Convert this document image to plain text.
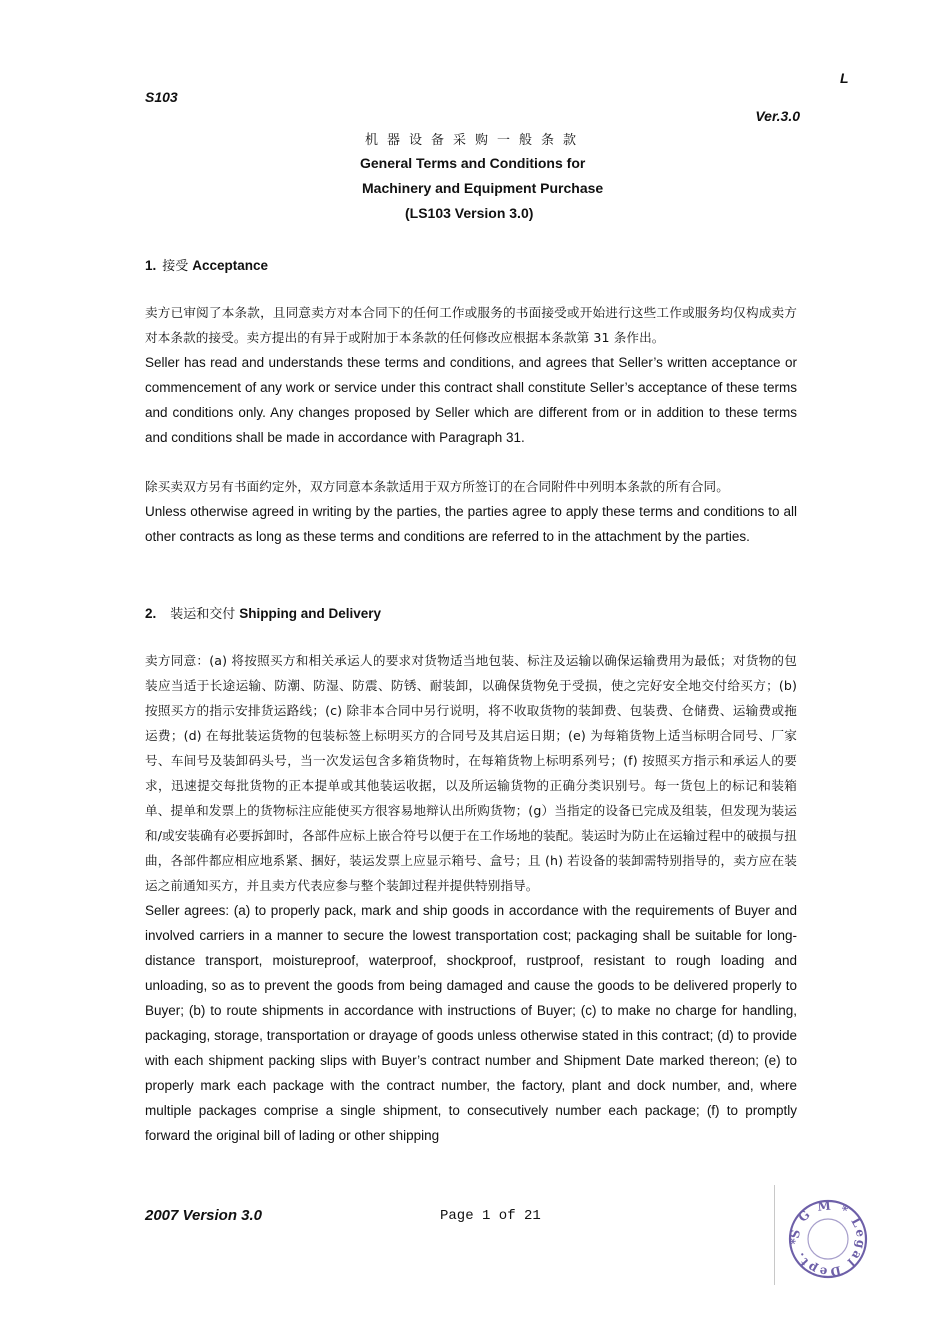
L
S103
Ver.3.0
机器设备采购一般条款
General Terms and Conditions for
Machinery and Equipment Purchase
(LS103 Version 3.0)
1. 接受 Acceptance
卖方已审阅了本条款，且同意卖方对本合同下的任何工作或服务的书面接受或开始进行这些工作或服务均仅构成卖方对本条款的接受。卖方提出的有异于或附加于本条款的任何修改应根据本条款第 31 条作出。
Seller has read and understands these terms and conditions, and agrees that Seller’s written acceptance or commencement of any work or service under this contract shall constitute Seller’s acceptance of these terms and conditions only. Any changes proposed by Seller which are different from or in addition to these terms and conditions shall be made in accordance with Paragraph 31.
除买卖双方另有书面约定外，双方同意本条款适用于双方所签订的在合同附件中列明本条款的所有合同。
Unless otherwise agreed in writing by the parties, the parties agree to apply these terms and conditions to all other contracts as long as these terms and conditions are referred to in the attachment by the parties.
2. 装运和交付 Shipping and Delivery
卖方同意：(a) 将按照买方和相关承运人的要求对货物适当地包装、标注及运输以确保运输费用为最低；对货物的包装应当适于长途运输、防潮、防湿、防震、防锈、耐装卸，以确保货物免于受损，使之完好安全地交付给买方；(b) 按照买方的指示安排货运路线；(c) 除非本合同中另行说明，将不收取货物的装卸费、包装费、仓储费、运输费或拖运费；(d) 在每批装运货物的包装标签上标明买方的合同号及其启运日期；(e) 为每箱货物上适当标明合同号、厂家号、车间号及装卸码头号，当一次发运包含多箱货物时，在每箱货物上标明系列号；(f) 按照买方指示和承运人的要求，迅速提交每批货物的正本提单或其他装运收据，以及所运输货物的正确分类识别号。每一货包上的标记和装箱单、提单和发票上的货物标注应能使买方很容易地辩认出所购货物；(g）当指定的设备已完成及组装，但发现为装运和/或安装确有必要拆卸时，各部件应标上嵌合符号以便于在工作场地的装配。装运时为防止在运输过程中的破损与扭曲，各部件都应相应地系紧、捆好，装运发票上应显示箱号、盒号；且 (h) 若设备的装卸需特别指导的，卖方应在装运之前通知买方，并且卖方代表应参与整个装卸过程并提供特别指导。
Seller agrees: (a) to properly pack, mark and ship goods in accordance with the requirements of Buyer and involved carriers in a manner to secure the lowest transportation cost; packaging shall be suitable for long-distance transport, moistureproof, waterproof, shockproof, rustproof, resistant to rough loading and unloading, so as to prevent the goods from being damaged and cause the goods to be delivered properly to Buyer; (b) to route shipments in accordance with instructions of Buyer; (c) to make no charge for handling, packaging, storage, transportation or drayage of goods unless otherwise stated in this contract; (d) to provide with each shipment packing slips with Buyer’s contract number and Shipment Date marked thereon; (e) to properly mark each package with the contract number, the factory, plant and dock number, and, where multiple packages comprise a single shipment, to consecutively number each package; (f) to promptly forward the original bill of lading or other shipping
2007 Version 3.0	Page 1 of 21
S G M * Legal Dept. *
